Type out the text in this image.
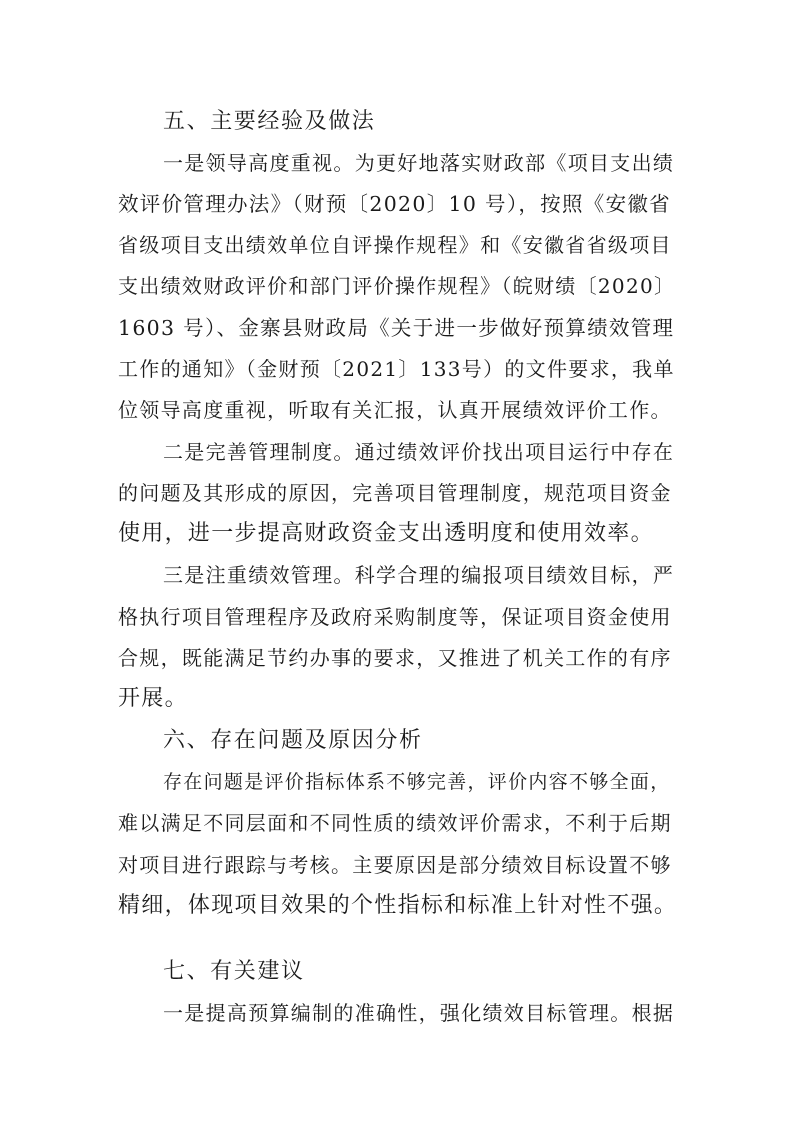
五、主要经验及做法
一是领导高度重视。为更好地落实财政部《项目支出绩
效评价管理办法》（财预〔2020〕10 号），按照《安徽省
省级项目支出绩效单位自评操作规程》和《安徽省省级项目
支出绩效财政评价和部门评价操作规程》（皖财绩〔2020〕
1603 号）、金寨县财政局《关于进一步做好预算绩效管理
工作的通知》（金财预〔2021〕133号）的文件要求，我单
位领导高度重视，听取有关汇报，认真开展绩效评价工作。
二是完善管理制度。通过绩效评价找出项目运行中存在
的问题及其形成的原因，完善项目管理制度，规范项目资金
使用，进一步提高财政资金支出透明度和使用效率。
三是注重绩效管理。科学合理的编报项目绩效目标，严
格执行项目管理程序及政府采购制度等，保证项目资金使用
合规，既能满足节约办事的要求，又推进了机关工作的有序
开展。
六、存在问题及原因分析
存在问题是评价指标体系不够完善，评价内容不够全面，
难以满足不同层面和不同性质的绩效评价需求，不利于后期
对项目进行跟踪与考核。主要原因是部分绩效目标设置不够
精细，体现项目效果的个性指标和标准上针对性不强。
七、有关建议
一是提高预算编制的准确性，强化绩效目标管理。根据
